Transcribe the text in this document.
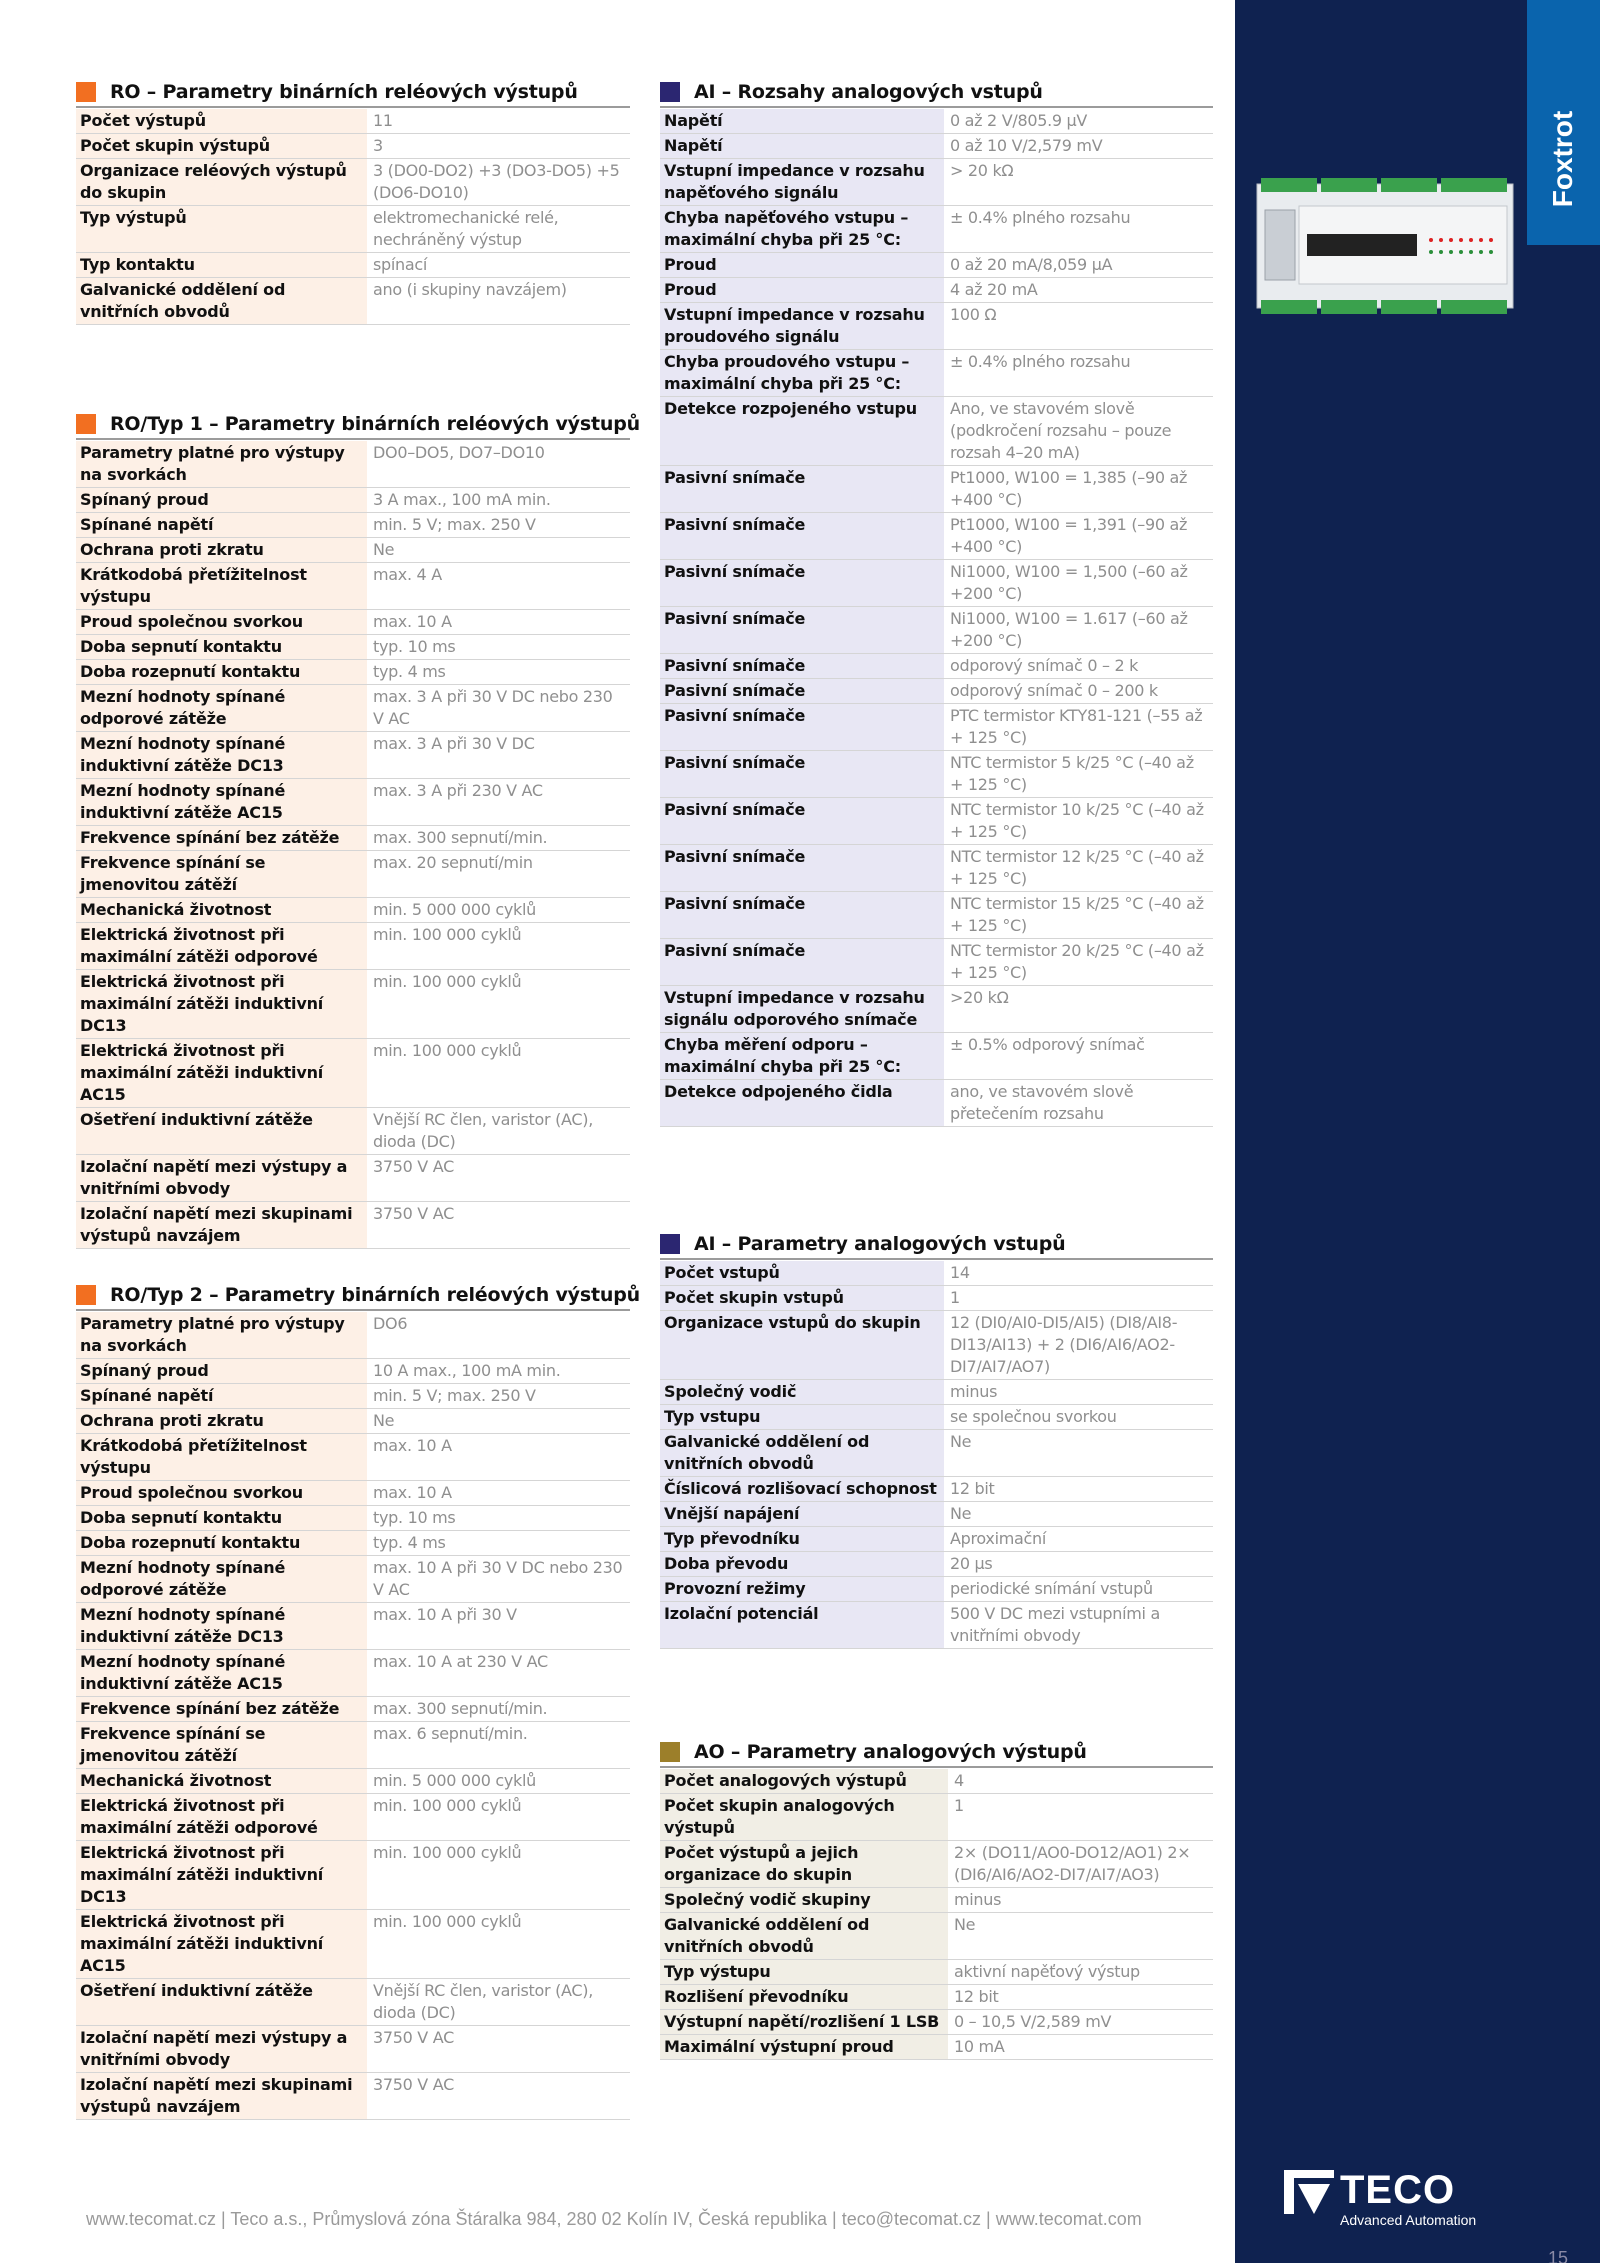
RO – Parametry binárních reléových výstupů
Počet výstupů	11
Počet skupin výstupů	3
Organizace reléových výstupů do skupin	3 (DO0-DO2) +3 (DO3-DO5) +5 (DO6-DO10)
Typ výstupů	elektromechanické relé, nechráněný výstup
Typ kontaktu	spínací
Galvanické oddělení od vnitřních obvodů	ano (i skupiny navzájem)
RO/Typ 1 – Parametry binárních reléových výstupů
Parametry platné pro výstupy na svorkách	DO0–DO5, DO7–DO10
Spínaný proud	3 A max., 100 mA min.
Spínané napětí	min. 5 V; max. 250 V
Ochrana proti zkratu	Ne
Krátkodobá přetížitelnost výstupu	max. 4 A
Proud společnou svorkou	max. 10 A
Doba sepnutí kontaktu	typ. 10 ms
Doba rozepnutí kontaktu	typ. 4 ms
Mezní hodnoty spínané odporové zátěže	max. 3 A při 30 V DC nebo 230 V AC
Mezní hodnoty spínané induktivní zátěže DC13	max. 3 A při 30 V DC
Mezní hodnoty spínané induktivní zátěže AC15	max. 3 A při 230 V AC
Frekvence spínání bez zátěže	max. 300 sepnutí/min.
Frekvence spínání se jmenovitou zátěží	max. 20 sepnutí/min
Mechanická životnost	min. 5 000 000 cyklů
Elektrická životnost při maximální zátěži odporové	min. 100 000 cyklů
Elektrická životnost při maximální zátěži induktivní DC13	min. 100 000 cyklů
Elektrická životnost při maximální zátěži induktivní AC15	min. 100 000 cyklů
Ošetření induktivní zátěže	Vnější RC člen, varistor (AC), dioda (DC)
Izolační napětí mezi výstupy a vnitřními obvody	3750 V AC
Izolační napětí mezi skupinami výstupů navzájem	3750 V AC
RO/Typ 2 – Parametry binárních reléových výstupů
Parametry platné pro výstupy na svorkách	DO6
Spínaný proud	10 A max., 100 mA min.
Spínané napětí	min. 5 V; max. 250 V
Ochrana proti zkratu	Ne
Krátkodobá přetížitelnost výstupu	max. 10 A
Proud společnou svorkou	max. 10 A
Doba sepnutí kontaktu	typ. 10 ms
Doba rozepnutí kontaktu	typ. 4 ms
Mezní hodnoty spínané odporové zátěže	max. 10 A při 30 V DC nebo 230 V AC
Mezní hodnoty spínané induktivní zátěže DC13	max. 10 A při 30 V
Mezní hodnoty spínané induktivní zátěže AC15	max. 10 A at 230 V AC
Frekvence spínání bez zátěže	max. 300 sepnutí/min.
Frekvence spínání se jmenovitou zátěží	max. 6 sepnutí/min.
Mechanická životnost	min. 5 000 000 cyklů
Elektrická životnost při maximální zátěži odporové	min. 100 000 cyklů
Elektrická životnost při maximální zátěži induktivní DC13	min. 100 000 cyklů
Elektrická životnost při maximální zátěži induktivní AC15	min. 100 000 cyklů
Ošetření induktivní zátěže	Vnější RC člen, varistor (AC), dioda (DC)
Izolační napětí mezi výstupy a vnitřními obvody	3750 V AC
Izolační napětí mezi skupinami výstupů navzájem	3750 V AC
AI – Rozsahy analogových vstupů
Napětí	0 až 2 V/805.9 μV
Napětí	0 až 10 V/2,579 mV
Vstupní impedance v rozsahu napěťového signálu	> 20 kΩ
Chyba napěťového vstupu – maximální chyba při 25 °C:	± 0.4% plného rozsahu
Proud	0 až 20 mA/8,059 μA
Proud	4 až 20 mA
Vstupní impedance v rozsahu proudového signálu	100 Ω
Chyba proudového vstupu – maximální chyba při 25 °C:	± 0.4% plného rozsahu
Detekce rozpojeného vstupu	Ano, ve stavovém slově (podkročení rozsahu – pouze rozsah 4–20 mA)
Pasivní snímače	Pt1000, W100 = 1,385 (–90 až +400 °C)
Pasivní snímače	Pt1000, W100 = 1,391 (–90 až +400 °C)
Pasivní snímače	Ni1000, W100 = 1,500 (–60 až +200 °C)
Pasivní snímače	Ni1000, W100 = 1.617 (–60 až +200 °C)
Pasivní snímače	odporový snímač 0 – 2 k
Pasivní snímače	odporový snímač 0 – 200 k
Pasivní snímače	PTC termistor KTY81-121 (–55 až + 125 °C)
Pasivní snímače	NTC termistor 5 k/25 °C (–40 až + 125 °C)
Pasivní snímače	NTC termistor 10 k/25 °C (–40 až + 125 °C)
Pasivní snímače	NTC termistor 12 k/25 °C (–40 až + 125 °C)
Pasivní snímače	NTC termistor 15 k/25 °C (–40 až + 125 °C)
Pasivní snímače	NTC termistor 20 k/25 °C (–40 až + 125 °C)
Vstupní impedance v rozsahu signálu odporového snímače	>20 kΩ
Chyba měření odporu – maximální chyba při 25 °C:	± 0.5% odporový snímač
Detekce odpojeného čidla	ano, ve stavovém slově přetečením rozsahu
AI – Parametry analogových vstupů
Počet vstupů	14
Počet skupin vstupů	1
Organizace vstupů do skupin	12 (DI0/AI0-DI5/AI5) (DI8/AI8-DI13/AI13) + 2 (DI6/AI6/AO2-DI7/AI7/AO7)
Společný vodič	minus
Typ vstupu	se společnou svorkou
Galvanické oddělení od vnitřních obvodů	Ne
Číslicová rozlišovací schopnost	12 bit
Vnější napájení	Ne
Typ převodníku	Aproximační
Doba převodu	20 μs
Provozní režimy	periodické snímání vstupů
Izolační potenciál	500 V DC mezi vstupními a vnitřními obvody
AO – Parametry analogových výstupů
Počet analogových výstupů	4
Počet skupin analogových výstupů	1
Počet výstupů a jejich organizace do skupin	2× (DO11/AO0-DO12/AO1) 2× (DI6/AI6/AO2-DI7/AI7/AO3)
Společný vodič skupiny	minus
Galvanické oddělení od vnitřních obvodů	Ne
Typ výstupu	aktivní napěťový výstup
Rozlišení převodníku	12 bit
Výstupní napětí/rozlišení 1 LSB	0 – 10,5 V/2,589 mV
Maximální výstupní proud	10 mA
Foxtrot
TECO
Advanced Automation
15
www.tecomat.cz | Teco a.s., Průmyslová zóna Štáralka 984, 280 02 Kolín IV, Česká republika | teco@tecomat.cz | www.tecomat.com
